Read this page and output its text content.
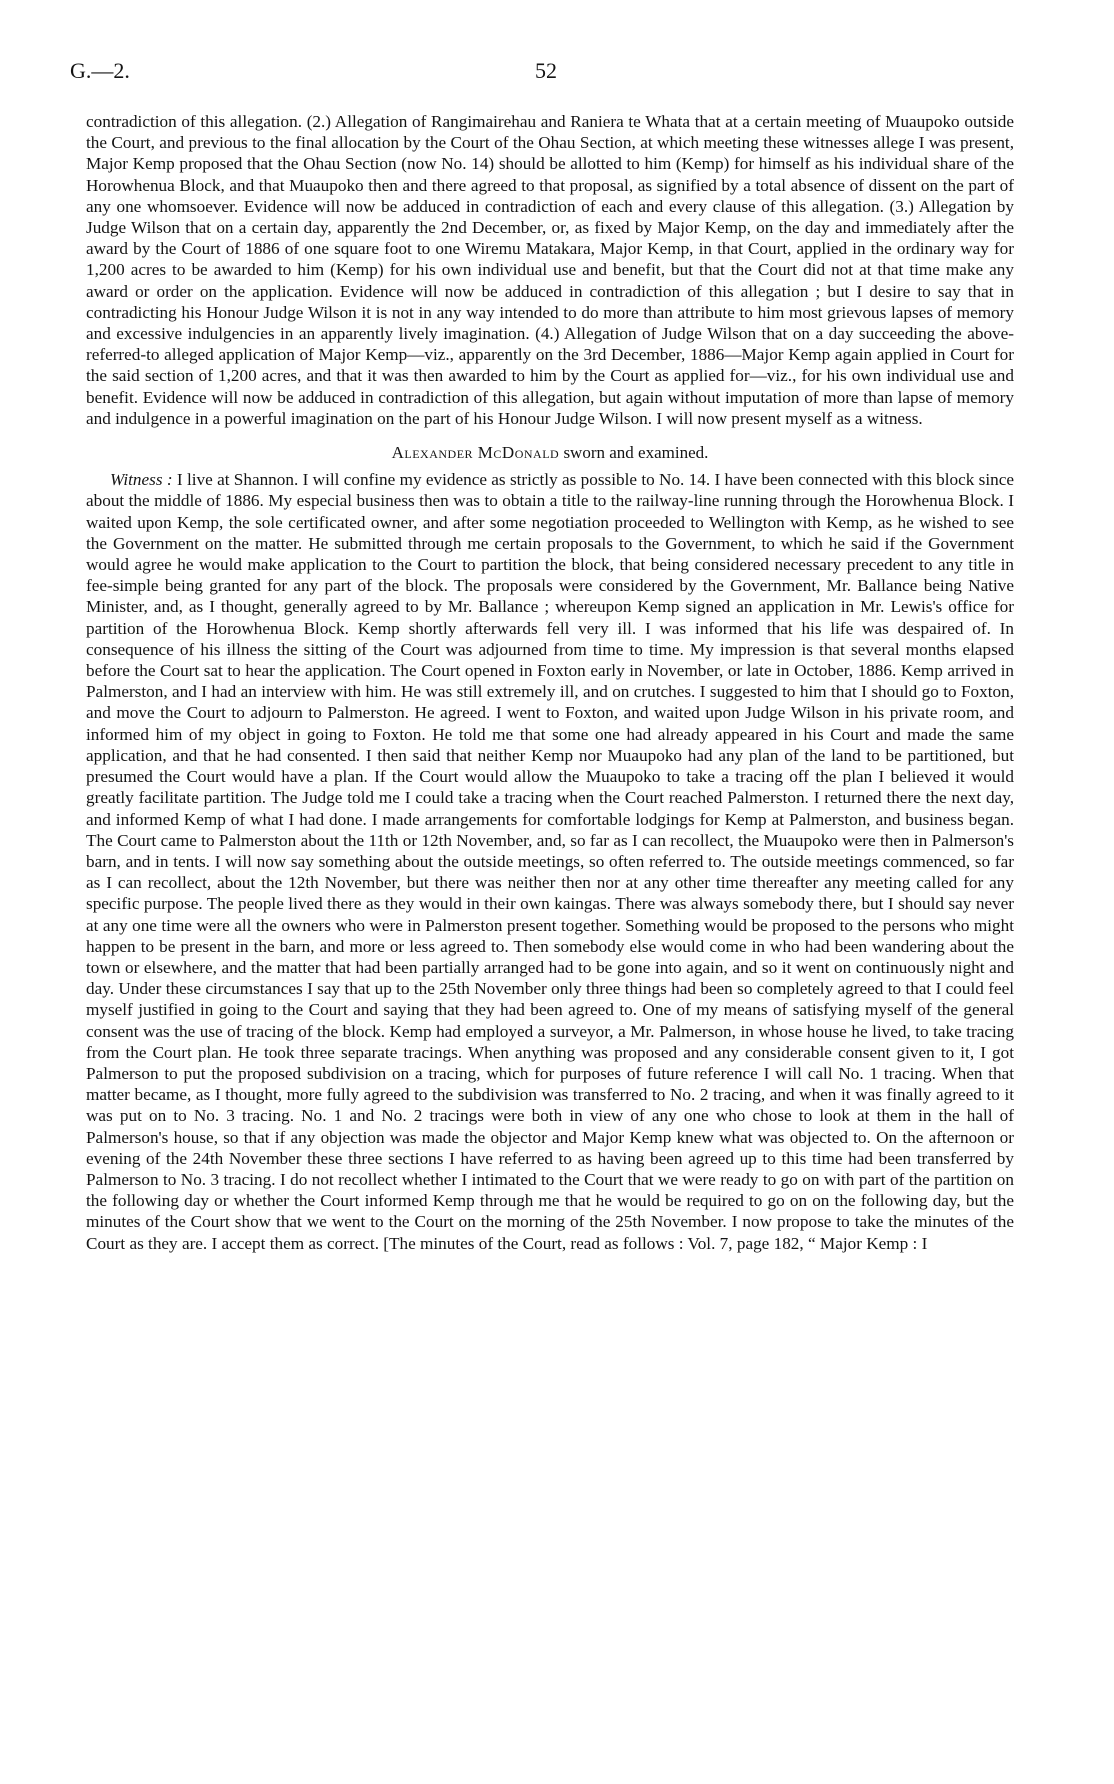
G.—2.	52

contradiction of this allegation. (2.) Allegation of Rangimairehau and Raniera te Whata that at a certain meeting of Muaupoko outside the Court, and previous to the final allocation by the Court of the Ohau Section, at which meeting these witnesses allege I was present, Major Kemp proposed that the Ohau Section (now No. 14) should be allotted to him (Kemp) for himself as his individual share of the Horowhenua Block, and that Muaupoko then and there agreed to that proposal, as signified by a total absence of dissent on the part of any one whomsoever. Evidence will now be adduced in contradiction of each and every clause of this allegation. (3.) Allegation by Judge Wilson that on a certain day, apparently the 2nd December, or, as fixed by Major Kemp, on the day and immediately after the award by the Court of 1886 of one square foot to one Wiremu Matakara, Major Kemp, in that Court, applied in the ordinary way for 1,200 acres to be awarded to him (Kemp) for his own individual use and benefit, but that the Court did not at that time make any award or order on the application. Evidence will now be adduced in contradiction of this allegation ; but I desire to say that in contradicting his Honour Judge Wilson it is not in any way intended to do more than attribute to him most grievous lapses of memory and excessive indulgencies in an apparently lively imagination. (4.) Allegation of Judge Wilson that on a day succeeding the above-referred-to alleged application of Major Kemp—viz., apparently on the 3rd December, 1886—Major Kemp again applied in Court for the said section of 1,200 acres, and that it was then awarded to him by the Court as applied for—viz., for his own individual use and benefit. Evidence will now be adduced in contradiction of this allegation, but again without imputation of more than lapse of memory and indulgence in a powerful imagination on the part of his Honour Judge Wilson. I will now present myself as a witness.

Alexander McDonald sworn and examined.

Witness : I live at Shannon. I will confine my evidence as strictly as possible to No. 14. I have been connected with this block since about the middle of 1886. My especial business then was to obtain a title to the railway-line running through the Horowhenua Block. I waited upon Kemp, the sole certificated owner, and after some negotiation proceeded to Wellington with Kemp, as he wished to see the Government on the matter. He submitted through me certain proposals to the Government, to which he said if the Government would agree he would make application to the Court to partition the block, that being considered necessary precedent to any title in fee-simple being granted for any part of the block. The proposals were considered by the Government, Mr. Ballance being Native Minister, and, as I thought, generally agreed to by Mr. Ballance ; whereupon Kemp signed an application in Mr. Lewis's office for partition of the Horowhenua Block. Kemp shortly afterwards fell very ill. I was informed that his life was despaired of. In consequence of his illness the sitting of the Court was adjourned from time to time. My impression is that several months elapsed before the Court sat to hear the application. The Court opened in Foxton early in November, or late in October, 1886. Kemp arrived in Palmerston, and I had an interview with him. He was still extremely ill, and on crutches. I suggested to him that I should go to Foxton, and move the Court to adjourn to Palmerston. He agreed. I went to Foxton, and waited upon Judge Wilson in his private room, and informed him of my object in going to Foxton. He told me that some one had already appeared in his Court and made the same application, and that he had consented. I then said that neither Kemp nor Muaupoko had any plan of the land to be partitioned, but presumed the Court would have a plan. If the Court would allow the Muaupoko to take a tracing off the plan I believed it would greatly facilitate partition. The Judge told me I could take a tracing when the Court reached Palmerston. I returned there the next day, and informed Kemp of what I had done. I made arrangements for comfortable lodgings for Kemp at Palmerston, and business began. The Court came to Palmerston about the 11th or 12th November, and, so far as I can recollect, the Muaupoko were then in Palmerson's barn, and in tents. I will now say something about the outside meetings, so often referred to. The outside meetings commenced, so far as I can recollect, about the 12th November, but there was neither then nor at any other time thereafter any meeting called for any specific purpose. The people lived there as they would in their own kaingas. There was always somebody there, but I should say never at any one time were all the owners who were in Palmerston present together. Something would be proposed to the persons who might happen to be present in the barn, and more or less agreed to. Then somebody else would come in who had been wandering about the town or elsewhere, and the matter that had been partially arranged had to be gone into again, and so it went on continuously night and day. Under these circumstances I say that up to the 25th November only three things had been so completely agreed to that I could feel myself justified in going to the Court and saying that they had been agreed to. One of my means of satisfying myself of the general consent was the use of tracing of the block. Kemp had employed a surveyor, a Mr. Palmerson, in whose house he lived, to take tracing from the Court plan. He took three separate tracings. When anything was proposed and any considerable consent given to it, I got Palmerson to put the proposed subdivision on a tracing, which for purposes of future reference I will call No. 1 tracing. When that matter became, as I thought, more fully agreed to the subdivision was transferred to No. 2 tracing, and when it was finally agreed to it was put on to No. 3 tracing. No. 1 and No. 2 tracings were both in view of any one who chose to look at them in the hall of Palmerson's house, so that if any objection was made the objector and Major Kemp knew what was objected to. On the afternoon or evening of the 24th November these three sections I have referred to as having been agreed up to this time had been transferred by Palmerson to No. 3 tracing. I do not recollect whether I intimated to the Court that we were ready to go on with part of the partition on the following day or whether the Court informed Kemp through me that he would be required to go on on the following day, but the minutes of the Court show that we went to the Court on the morning of the 25th November. I now propose to take the minutes of the Court as they are. I accept them as correct. [The minutes of the Court, read as follows : Vol. 7, page 182, “ Major Kemp : I
